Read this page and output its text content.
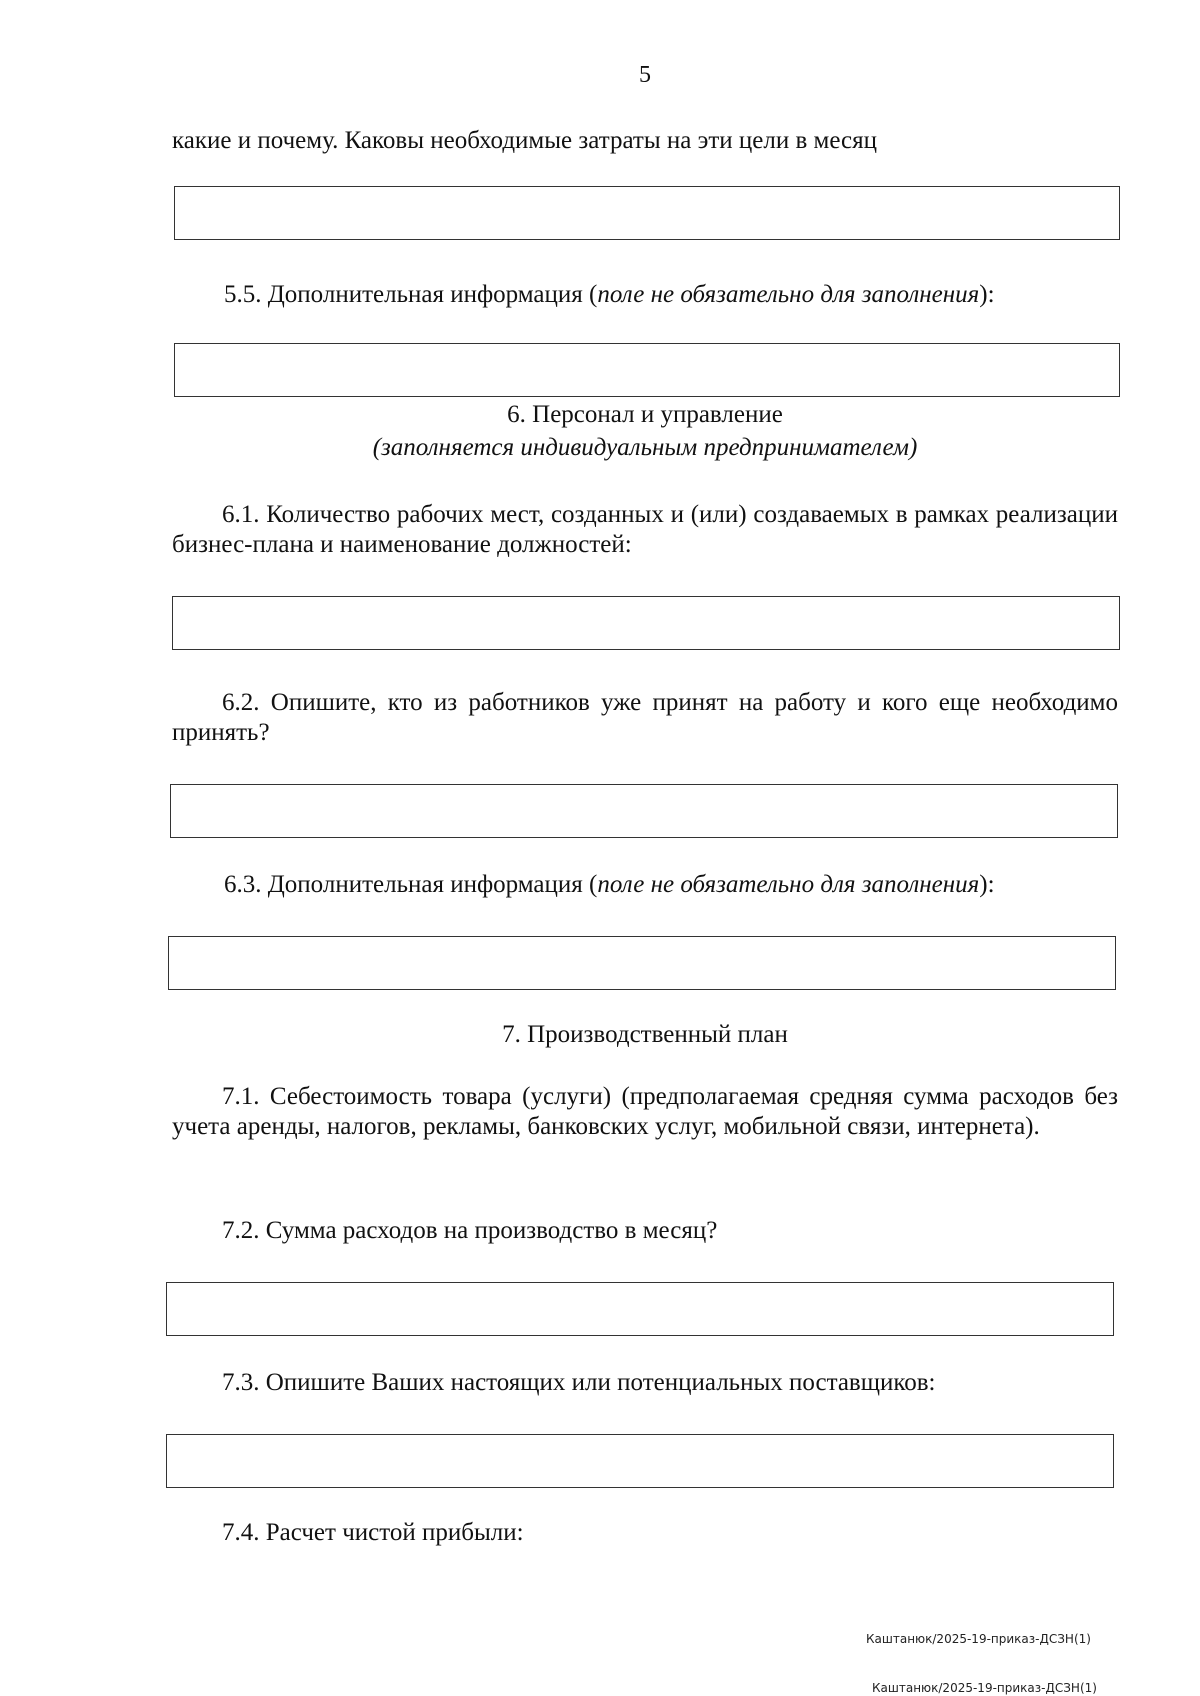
5
какие и почему. Каковы необходимые затраты на эти цели в месяц
5.5. Дополнительная информация (поле не обязательно для заполнения):
6. Персонал и управление
(заполняется индивидуальным предпринимателем)
6.1. Количество рабочих мест, созданных и (или) создаваемых в рамках реализации бизнес-плана и наименование должностей:
6.2. Опишите, кто из работников уже принят на работу и кого еще необходимо принять?
6.3. Дополнительная информация (поле не обязательно для заполнения):
7. Производственный план
7.1. Себестоимость товара (услуги) (предполагаемая средняя сумма расходов без учета аренды, налогов, рекламы, банковских услуг, мобильной связи, интернета).
7.2. Сумма расходов на производство в месяц?
7.3. Опишите Ваших настоящих или потенциальных поставщиков:
7.4. Расчет чистой прибыли:
Каштанюк/2025-19-приказ-ДСЗН(1)
Каштанюк/2025-19-приказ-ДСЗН(1)
